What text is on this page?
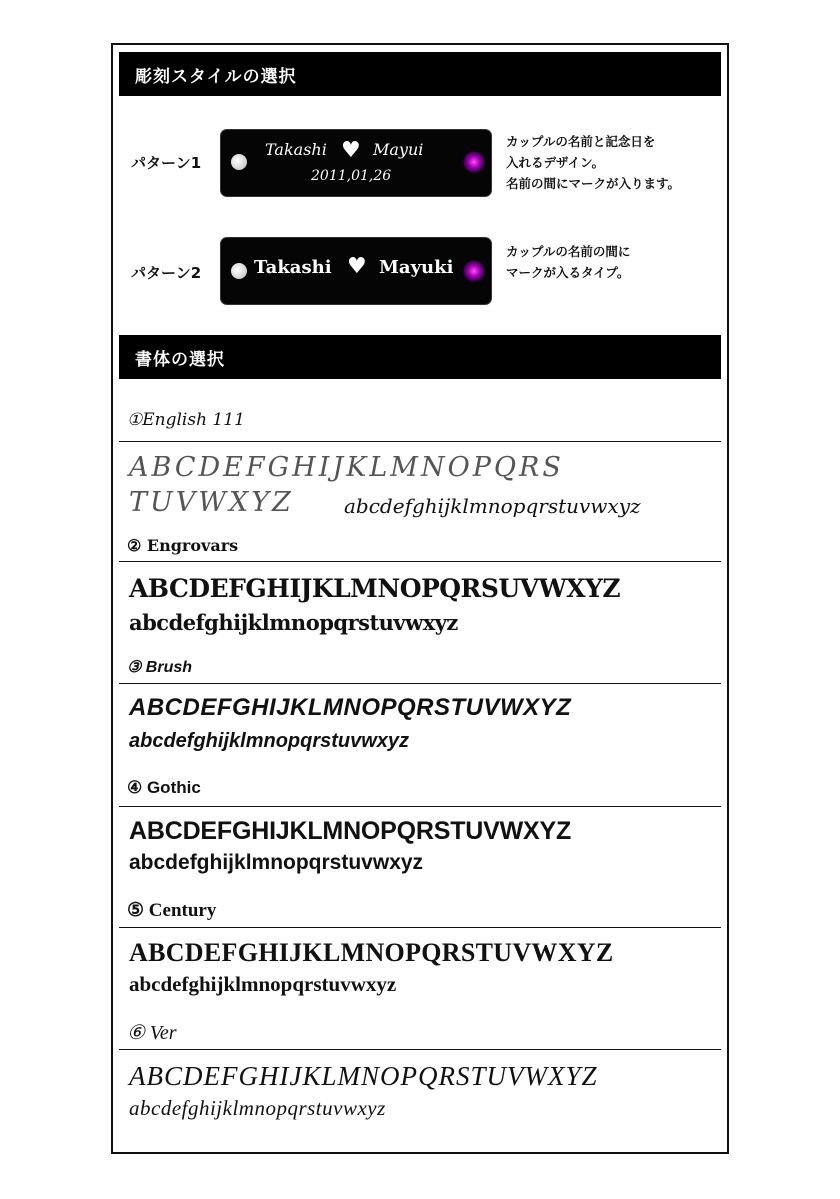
彫刻スタイルの選択
パターン1
Takashi ♥ Mayui
2011,01,26
カップルの名前と記念日を
入れるデザイン。
名前の間にマークが入ります。
パターン2	Takashi ♥ Mayuki
カップルの名前の間に
マークが入るタイプ。
書体の選択
①English 111
ABCDEFGHIJKLMNOPQRS
TUVWXYZ	abcdefghijklmnopqrstuvwxyz
② Engrovars
ABCDEFGHIJKLMNOPQRSUVWXYZ
abcdefghijklmnopqrstuvwxyz
③ Brush
ABCDEFGHIJKLMNOPQRSTUVWXYZ
abcdefghijklmnopqrstuvwxyz
④ Gothic
ABCDEFGHIJKLMNOPQRSTUVWXYZ
abcdefghijklmnopqrstuvwxyz
⑤ Century
ABCDEFGHIJKLMNOPQRSTUVWXYZ
abcdefghijklmnopqrstuvwxyz
⑥ Ver
ABCDEFGHIJKLMNOPQRSTUVWXYZ
abcdefghijklmnopqrstuvwxyz
